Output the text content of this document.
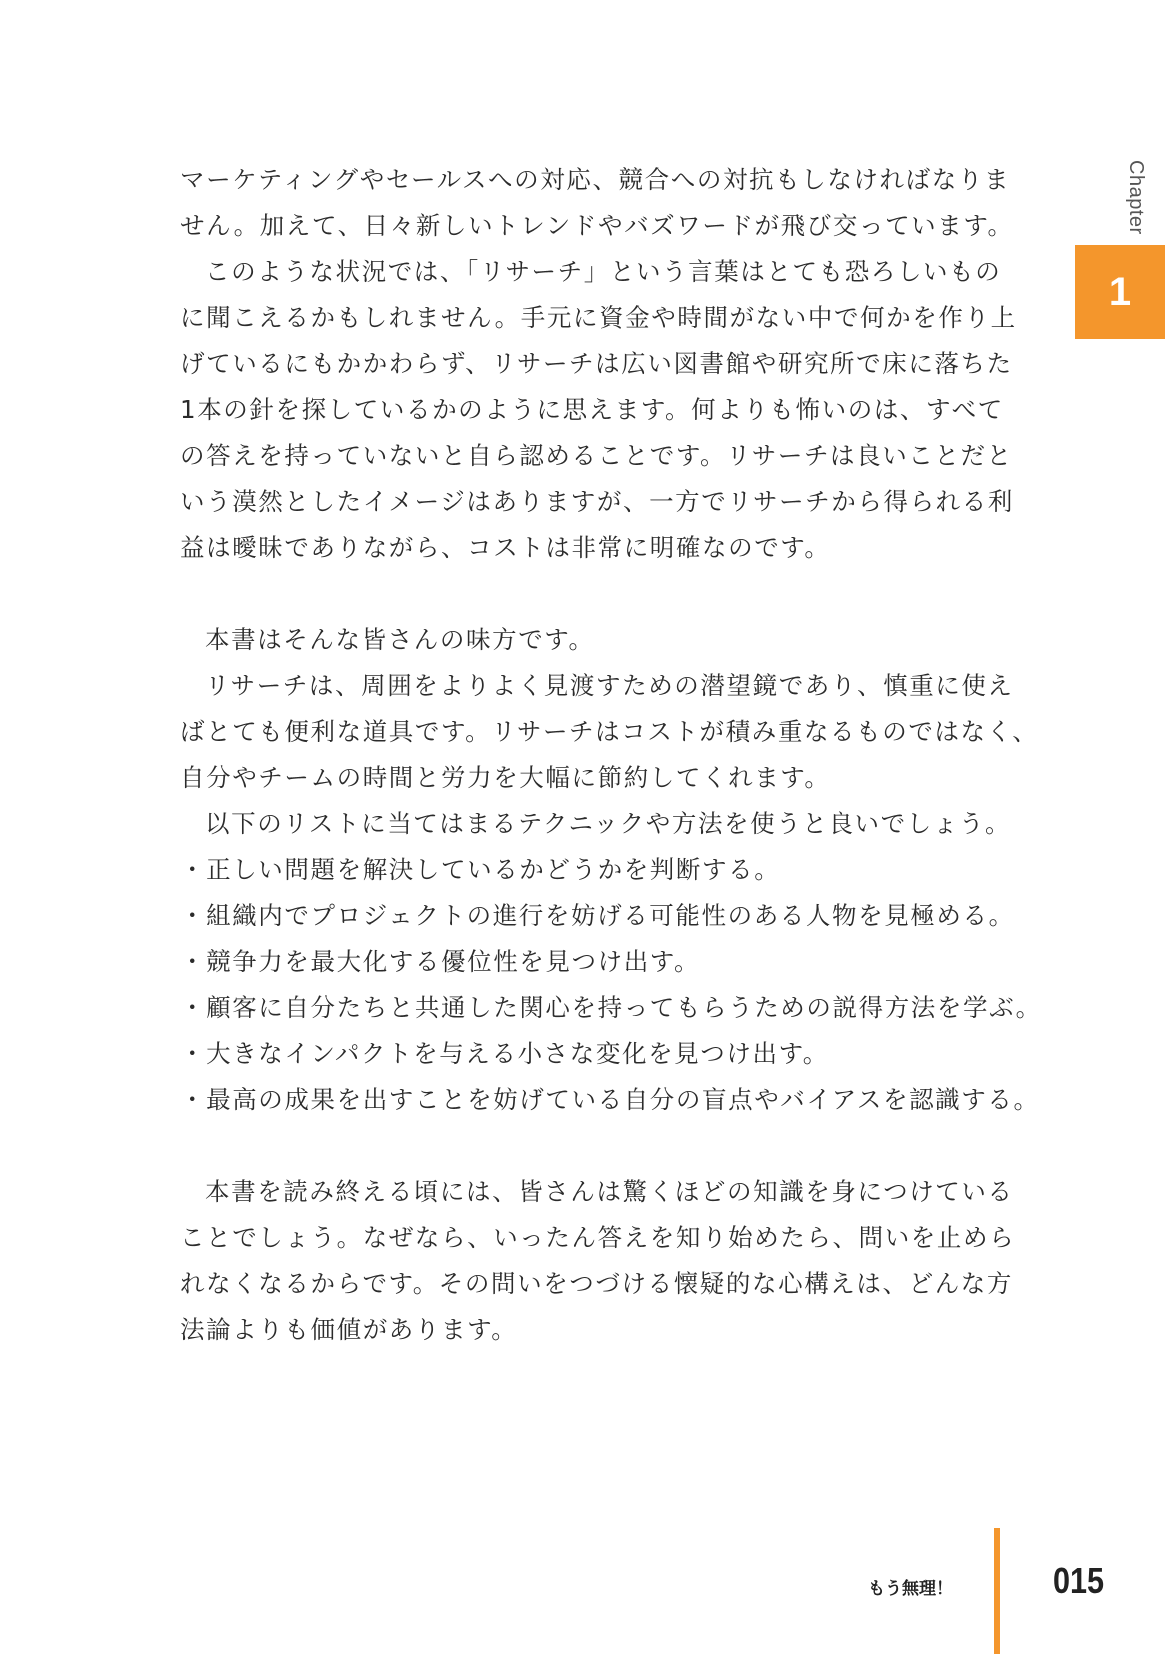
マーケティングやセールスへの対応、競合への対抗もしなければなりま
せん。加えて、日々新しいトレンドやバズワードが飛び交っています。
このような状況では、「リサーチ」という言葉はとても恐ろしいもの
に聞こえるかもしれません。手元に資金や時間がない中で何かを作り上
げているにもかかわらず、リサーチは広い図書館や研究所で床に落ちた
1本の針を探しているかのように思えます。何よりも怖いのは、すべて
の答えを持っていないと自ら認めることです。リサーチは良いことだと
いう漠然としたイメージはありますが、一方でリサーチから得られる利
益は曖昧でありながら、コストは非常に明確なのです。
本書はそんな皆さんの味方です。
リサーチは、周囲をよりよく見渡すための潜望鏡であり、慎重に使え
ばとても便利な道具です。リサーチはコストが積み重なるものではなく、
自分やチームの時間と労力を大幅に節約してくれます。
以下のリストに当てはまるテクニックや方法を使うと良いでしょう。
・正しい問題を解決しているかどうかを判断する。
・組織内でプロジェクトの進行を妨げる可能性のある人物を見極める。
・競争力を最大化する優位性を見つけ出す。
・顧客に自分たちと共通した関心を持ってもらうための説得方法を学ぶ。
・大きなインパクトを与える小さな変化を見つけ出す。
・最高の成果を出すことを妨げている自分の盲点やバイアスを認識する。
本書を読み終える頃には、皆さんは驚くほどの知識を身につけている
ことでしょう。なぜなら、いったん答えを知り始めたら、問いを止めら
れなくなるからです。その問いをつづける懐疑的な心構えは、どんな方
法論よりも価値があります。
Chapter
1
もう無理！	015
